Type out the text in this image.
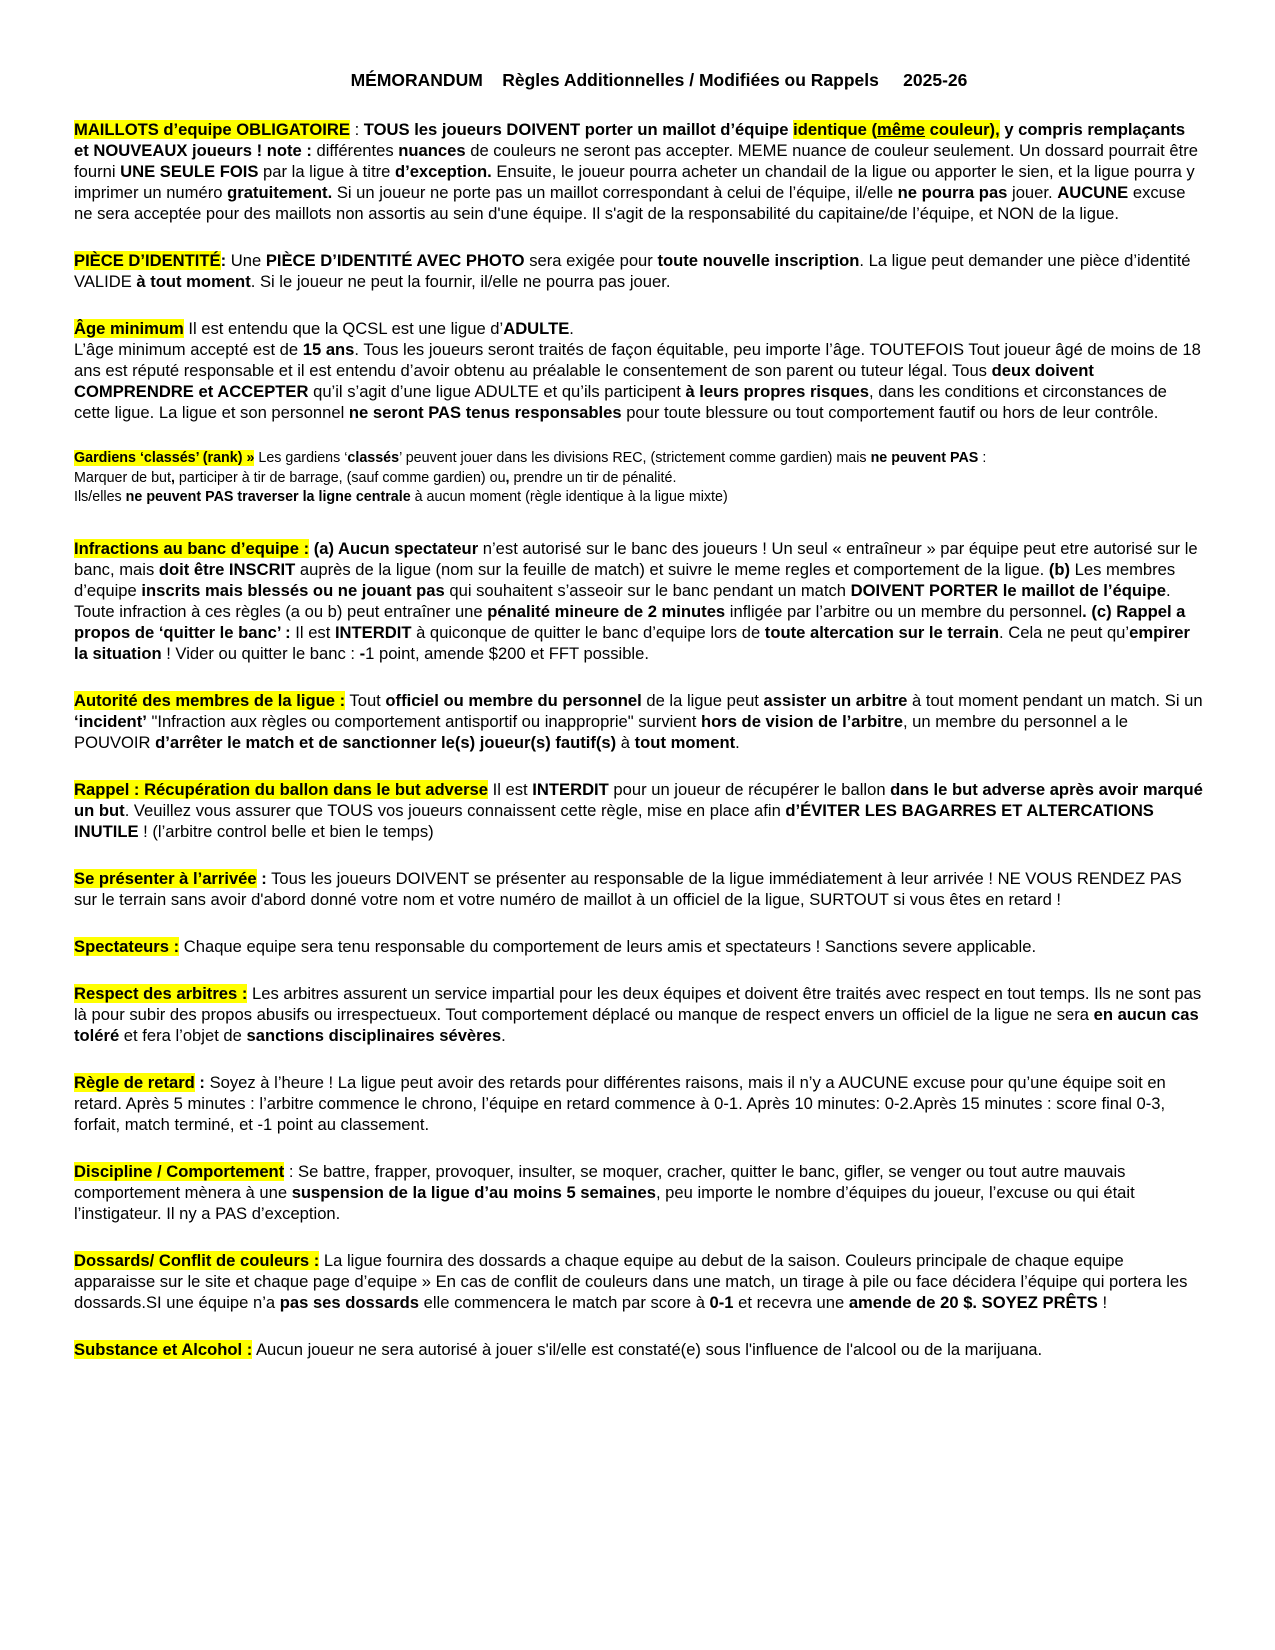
MÉMORANDUM    Règles Additionnelles / Modifiées ou Rappels     2025-26
MAILLOTS d’equipe OBLIGATOIRE : TOUS les joueurs DOIVENT porter un maillot d’équipe identique (même couleur), y compris remplaçants et NOUVEAUX joueurs ! note : différentes nuances de couleurs ne seront pas accepter. MEME nuance de couleur seulement. Un dossard pourrait être fourni UNE SEULE FOIS par la ligue à titre d’exception. Ensuite, le joueur pourra acheter un chandail de la ligue ou apporter le sien, et la ligue pourra y imprimer un numéro gratuitement. Si un joueur ne porte pas un maillot correspondant à celui de l’équipe, il/elle ne pourra pas jouer. AUCUNE excuse ne sera acceptée pour des maillots non assortis au sein d'une équipe. Il s'agit de la responsabilité du capitaine/de l’équipe, et NON de la ligue.
PIÈCE D’IDENTITÉ: Une PIÈCE D’IDENTITÉ AVEC PHOTO sera exigée pour toute nouvelle inscription. La ligue peut demander une pièce d’identité VALIDE à tout moment. Si le joueur ne peut la fournir, il/elle ne pourra pas jouer.
Âge minimum Il est entendu que la QCSL est une ligue d’ADULTE.
L’âge minimum accepté est de 15 ans. Tous les joueurs seront traités de façon équitable, peu importe l’âge. TOUTEFOIS Tout joueur âgé de moins de 18 ans est réputé responsable et il est entendu d’avoir obtenu au préalable le consentement de son parent ou tuteur légal. Tous deux doivent COMPRENDRE et ACCEPTER qu’il s’agit d’une ligue ADULTE et qu’ils participent à leurs propres risques, dans les conditions et circonstances de cette ligue. La ligue et son personnel ne seront PAS tenus responsables pour toute blessure ou tout comportement fautif ou hors de leur contrôle.
Gardiens ‘classés’ (rank) » Les gardiens ‘classés’ peuvent jouer dans les divisions REC, (strictement comme gardien) mais ne peuvent PAS :
Marquer de but, participer à tir de barrage, (sauf comme gardien) ou, prendre un tir de pénalité.
Ils/elles ne peuvent PAS traverser la ligne centrale à aucun moment (règle identique à la ligue mixte)
Infractions au banc d’equipe : (a) Aucun spectateur n’est autorisé sur le banc des joueurs ! Un seul « entraîneur » par équipe peut etre autorisé sur le banc, mais doit être INSCRIT auprès de la ligue (nom sur la feuille de match) et suivre le meme regles et comportement de la ligue. (b) Les membres d’equipe inscrits mais blessés ou ne jouant pas qui souhaitent s’asseoir sur le banc pendant un match DOIVENT PORTER le maillot de l’équipe.
Toute infraction à ces règles (a ou b) peut entraîner une pénalité mineure de 2 minutes infligée par l’arbitre ou un membre du personnel. (c) Rappel a propos de ‘quitter le banc’ : Il est INTERDIT à quiconque de quitter le banc d’equipe lors de toute altercation sur le terrain. Cela ne peut qu’empirer la situation ! Vider ou quitter le banc : -1 point, amende $200 et FFT possible.
Autorité des membres de la ligue : Tout officiel ou membre du personnel de la ligue peut assister un arbitre à tout moment pendant un match. Si un ‘incident’ "Infraction aux règles ou comportement antisportif ou inapproprie" survient hors de vision de l’arbitre, un membre du personnel a le POUVOIR d’arrêter le match et de sanctionner le(s) joueur(s) fautif(s) à tout moment.
Rappel : Récupération du ballon dans le but adverse Il est INTERDIT pour un joueur de récupérer le ballon dans le but adverse après avoir marqué un but. Veuillez vous assurer que TOUS vos joueurs connaissent cette règle, mise en place afin d’ÉVITER LES BAGARRES ET ALTERCATIONS INUTILE ! (l’arbitre control belle et bien le temps)
Se présenter à l’arrivée : Tous les joueurs DOIVENT se présenter au responsable de la ligue immédiatement à leur arrivée ! NE VOUS RENDEZ PAS sur le terrain sans avoir d'abord donné votre nom et votre numéro de maillot à un officiel de la ligue, SURTOUT si vous êtes en retard !
Spectateurs : Chaque equipe sera tenu responsable du comportement de leurs amis et spectateurs ! Sanctions severe applicable.
Respect des arbitres : Les arbitres assurent un service impartial pour les deux équipes et doivent être traités avec respect en tout temps. Ils ne sont pas là pour subir des propos abusifs ou irrespectueux. Tout comportement déplacé ou manque de respect envers un officiel de la ligue ne sera en aucun cas toléré et fera l’objet de sanctions disciplinaires sévères.
Règle de retard : Soyez à l’heure ! La ligue peut avoir des retards pour différentes raisons, mais il n’y a AUCUNE excuse pour qu’une équipe soit en retard. Après 5 minutes : l’arbitre commence le chrono, l’équipe en retard commence à 0-1. Après 10 minutes: 0-2.Après 15 minutes : score final 0-3, forfait, match terminé, et -1 point au classement.
Discipline / Comportement : Se battre, frapper, provoquer, insulter, se moquer, cracher, quitter le banc, gifler, se venger ou tout autre mauvais comportement mènera à une suspension de la ligue d’au moins 5 semaines, peu importe le nombre d’équipes du joueur, l’excuse ou qui était l’instigateur. Il ny a PAS d’exception.
Dossards/ Conflit de couleurs : La ligue fournira des dossards a chaque equipe au debut de la saison. Couleurs principale de chaque equipe apparaisse sur le site et chaque page d’equipe » En cas de conflit de couleurs dans une match, un tirage à pile ou face décidera l’équipe qui portera les dossards.SI une équipe n’a pas ses dossards elle commencera le match par score à 0-1 et recevra une amende de 20 $. SOYEZ PRÊTS !
Substance et Alcohol : Aucun joueur ne sera autorisé à jouer s'il/elle est constaté(e) sous l'influence de l'alcool ou de la marijuana.
